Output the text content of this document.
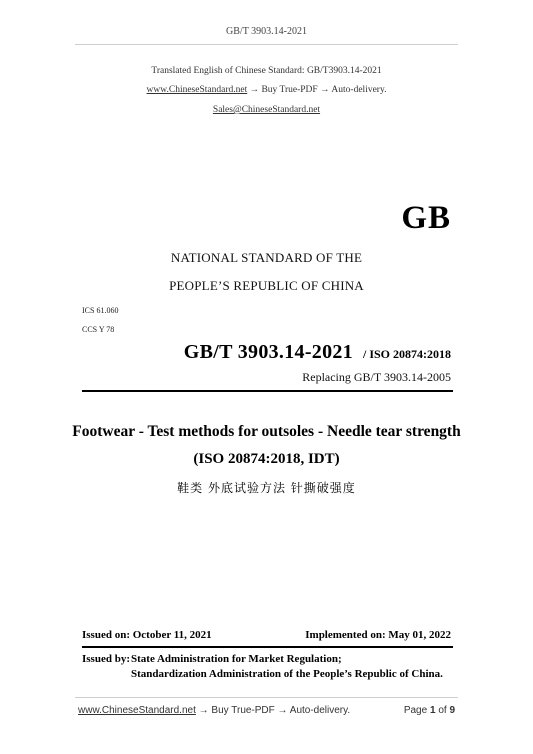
GB/T 3903.14-2021
Translated English of Chinese Standard: GB/T3903.14-2021
www.ChineseStandard.net → Buy True-PDF → Auto-delivery.
Sales@ChineseStandard.net
GB
NATIONAL STANDARD OF THE
PEOPLE’S REPUBLIC OF CHINA
ICS 61.060
CCS Y 78
GB/T 3903.14-2021 / ISO 20874:2018
Replacing GB/T 3903.14-2005
Footwear - Test methods for outsoles - Needle tear strength
(ISO 20874:2018, IDT)
鞋类 外底试验方法 针撕破强度
Issued on: October 11, 2021	Implemented on: May 01, 2022
Issued by: State Administration for Market Regulation;
Standardization Administration of the People’s Republic of China.
www.ChineseStandard.net → Buy True-PDF → Auto-delivery.	Page 1 of 9
